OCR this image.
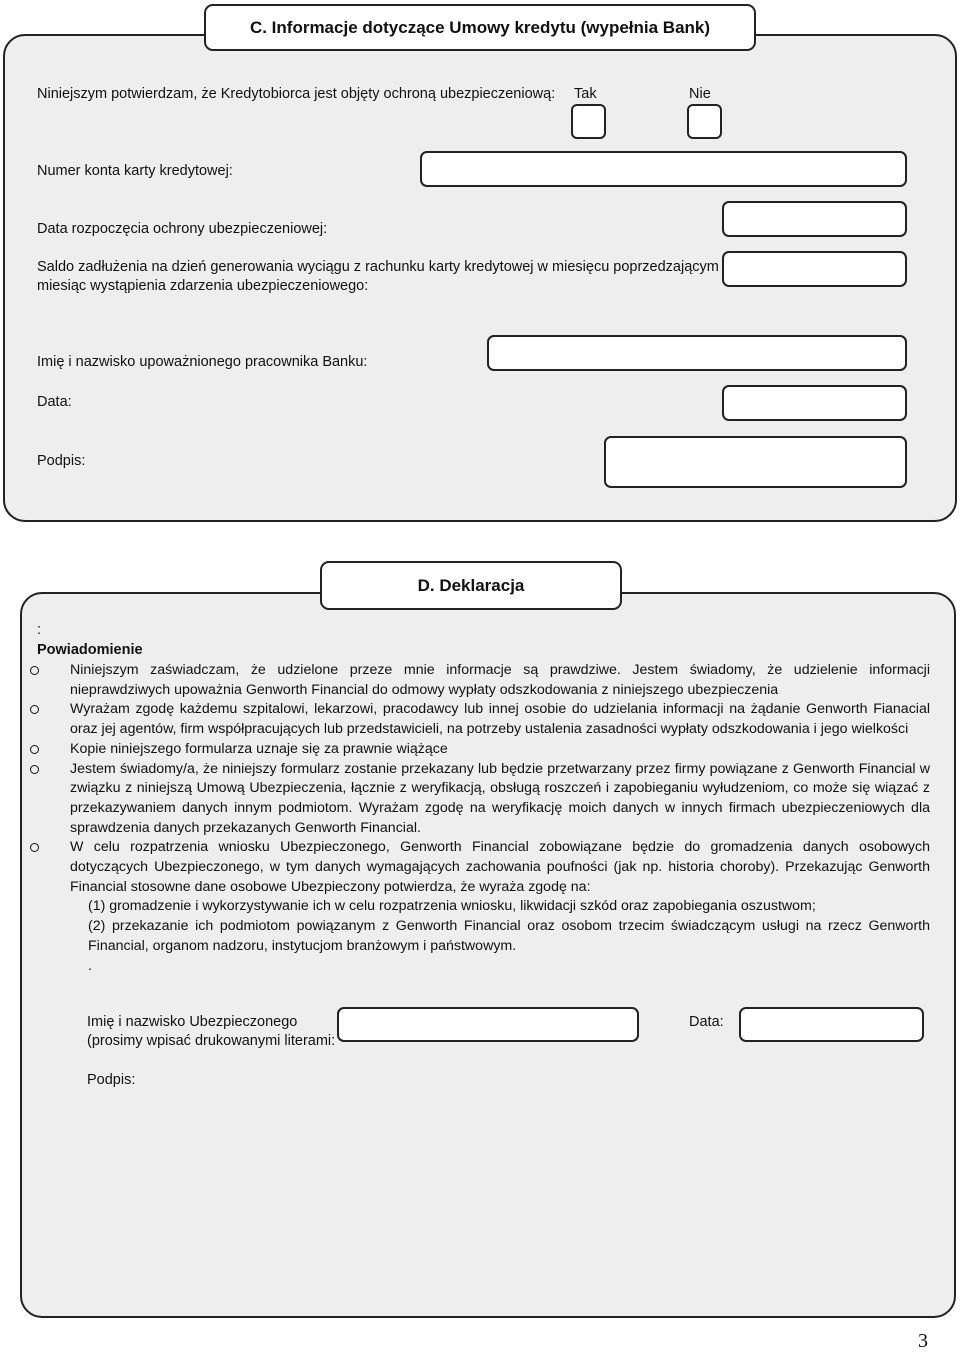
C. Informacje dotyczące Umowy kredytu (wypełnia Bank)
Niniejszym potwierdzam, że Kredytobiorca jest objęty ochroną ubezpieczeniową: Tak	Nie
Numer konta karty kredytowej:
Data rozpoczęcia ochrony ubezpieczeniowej:
Saldo zadłużenia na dzień generowania wyciągu z rachunku karty kredytowej w miesięcu poprzedzającym
miesiąc wystąpienia zdarzenia ubezpieczeniowego:
Imię i nazwisko upoważnionego pracownika Banku:
Data:
Podpis:
D. Deklaracja
:
Powiadomienie
Niniejszym zaświadczam, że udzielone przeze mnie informacje są prawdziwe. Jestem świadomy, że udzielenie informacji nieprawdziwych upoważnia Genworth Financial do odmowy wypłaty odszkodowania z niniejszego ubezpieczenia
Wyrażam zgodę każdemu szpitalowi, lekarzowi, pracodawcy lub innej osobie do udzielania informacji na żądanie Genworth Fianacial oraz jej agentów, firm współpracujących lub przedstawicieli, na potrzeby ustalenia zasadności wypłaty odszkodowania i jego wielkości
Kopie niniejszego formularza uznaje się za prawnie wiążące
Jestem świadomy/a, że niniejszy formularz zostanie przekazany lub będzie przetwarzany przez firmy powiązane z Genworth Financial w związku z niniejszą Umową Ubezpieczenia, łącznie z weryfikacją, obsługą roszczeń i zapobieganiu wyłudzeniom, co może się wiązać z przekazywaniem danych innym podmiotom. Wyrażam zgodę na weryfikację moich danych w innych firmach ubezpieczeniowych dla sprawdzenia danych przekazanych Genworth Financial.
W celu rozpatrzenia wniosku Ubezpieczonego, Genworth Financial zobowiązane będzie do gromadzenia danych osobowych dotyczących Ubezpieczonego, w tym danych wymagających zachowania poufności (jak np. historia choroby). Przekazując Genworth Financial stosowne dane osobowe Ubezpieczony potwierdza, że wyraża zgodę na:
(1) gromadzenie i wykorzystywanie ich w celu rozpatrzenia wniosku, likwidacji szkód oraz zapobiegania oszustwom;
(2) przekazanie ich podmiotom powiązanym z Genworth Financial oraz osobom trzecim świadczącym usługi na rzecz Genworth Financial, organom nadzoru, instytucjom branżowym i państwowym.
.
Imię i nazwisko Ubezpieczonego
(prosimy wpisać drukowanymi literami:
Data:
Podpis:
3
